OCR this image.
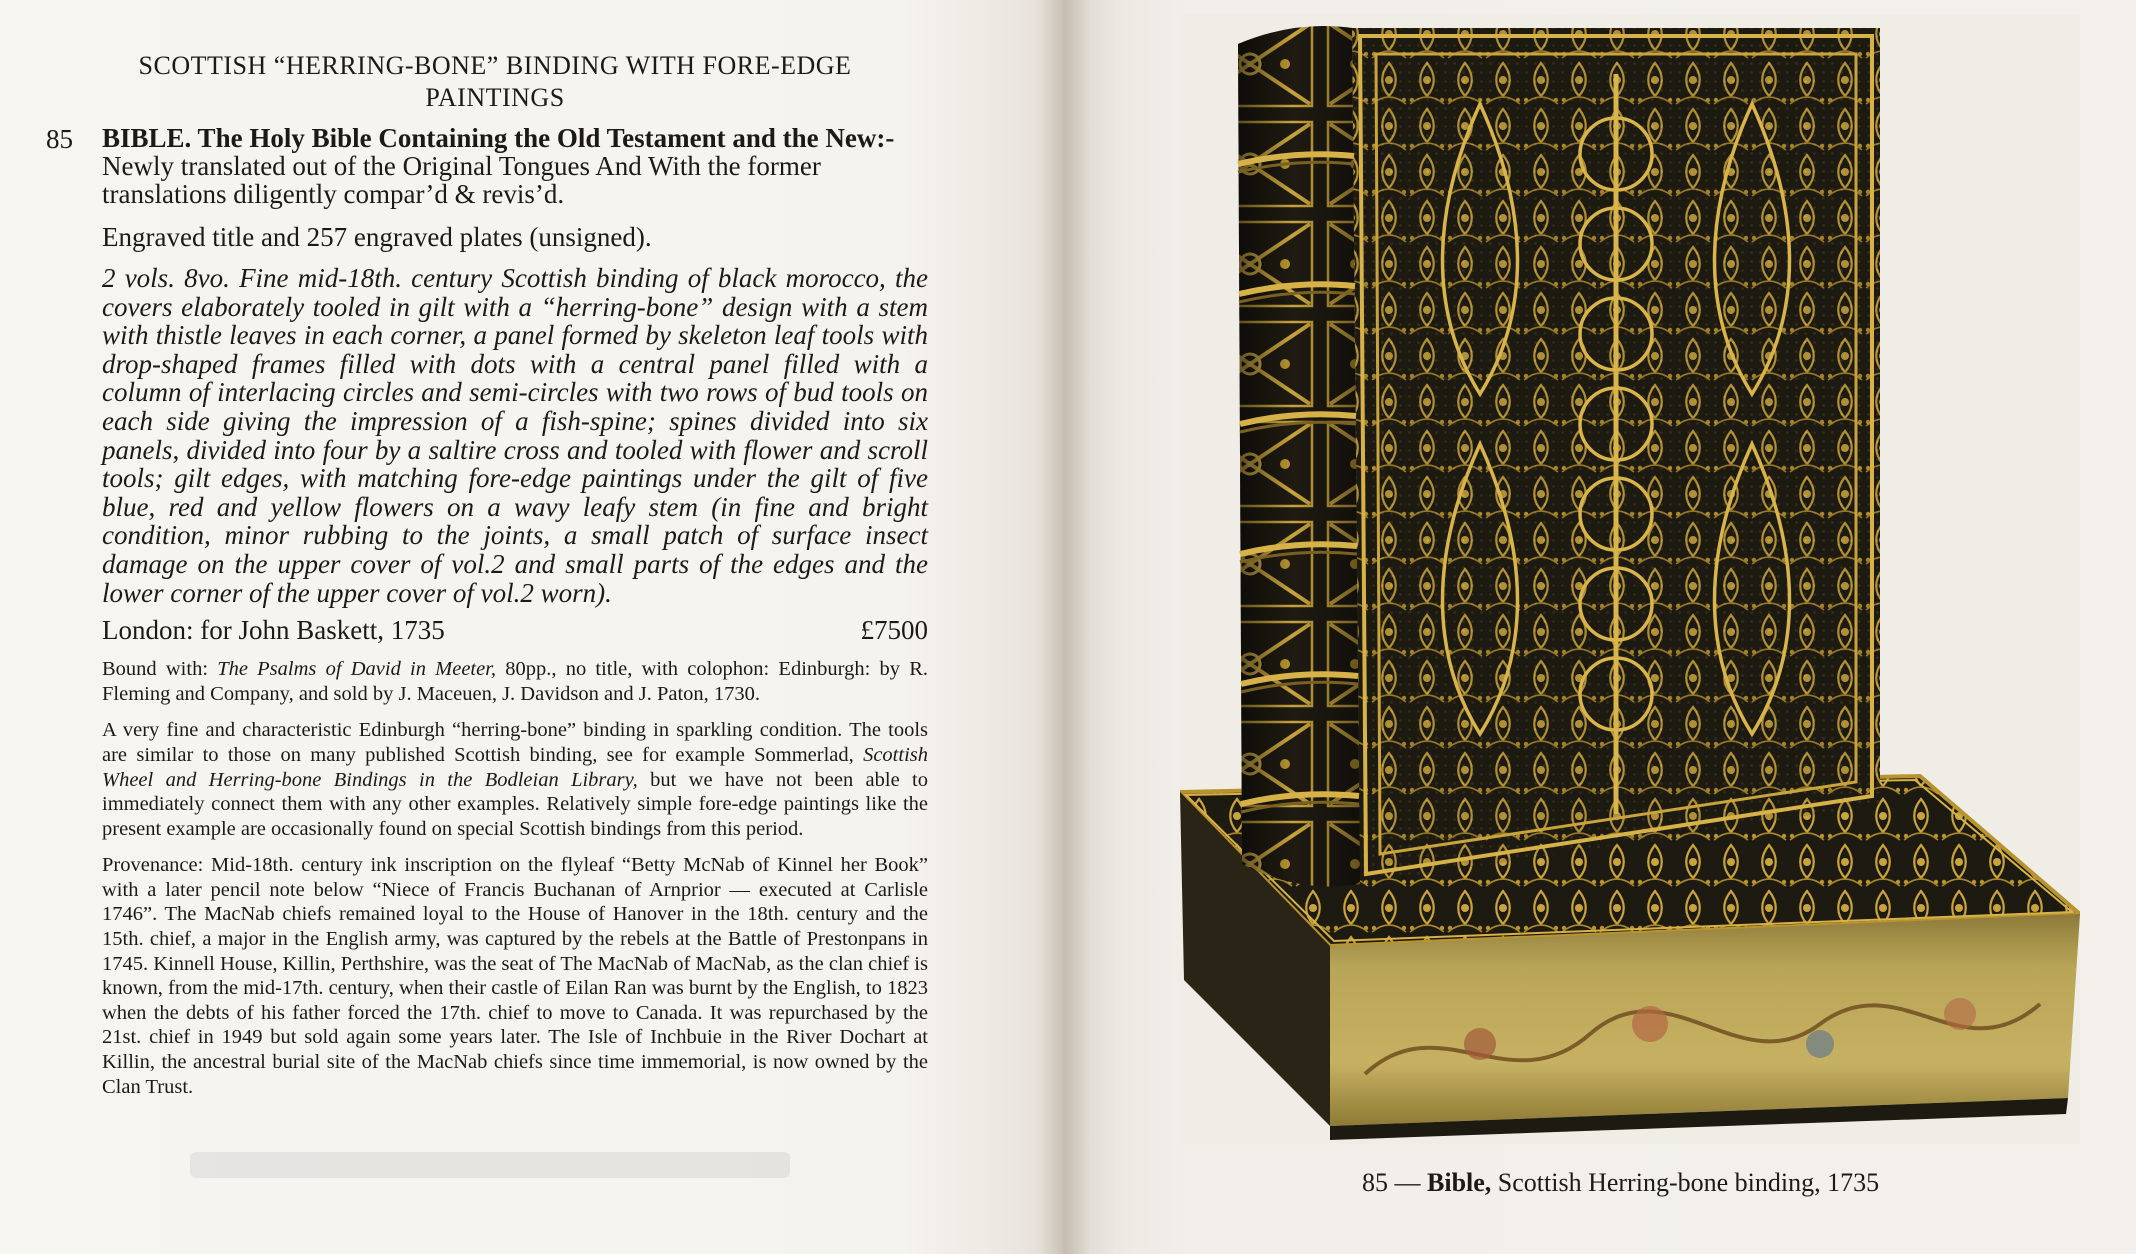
SCOTTISH “HERRING-BONE” BINDING WITH FORE-EDGE PAINTINGS
85 BIBLE. The Holy Bible Containing the Old Testament and the New:- Newly translated out of the Original Tongues And With the former translations diligently compar’d & revis’d.

Engraved title and 257 engraved plates (unsigned).

2 vols. 8vo. Fine mid-18th. century Scottish binding of black morocco, the covers elaborately tooled in gilt with a “herring-bone” design with a stem with thistle leaves in each corner, a panel formed by skeleton leaf tools with drop-shaped frames filled with dots with a central panel filled with a column of interlacing circles and semi-circles with two rows of bud tools on each side giving the impression of a fish-spine; spines divided into six panels, divided into four by a saltire cross and tooled with flower and scroll tools; gilt edges, with matching fore-edge paintings under the gilt of five blue, red and yellow flowers on a wavy leafy stem (in fine and bright condition, minor rubbing to the joints, a small patch of surface insect damage on the upper cover of vol.2 and small parts of the edges and the lower corner of the upper cover of vol.2 worn).

London: for John Baskett, 1735	£7500

Bound with: The Psalms of David in Meeter, 80pp., no title, with colophon: Edinburgh: by R. Fleming and Company, and sold by J. Maceuen, J. Davidson and J. Paton, 1730.

A very fine and characteristic Edinburgh “herring-bone” binding in sparkling condition. The tools are similar to those on many published Scottish binding, see for example Sommerlad, Scottish Wheel and Herring-bone Bindings in the Bodleian Library, but we have not been able to immediately connect them with any other examples. Relatively simple fore-edge paintings like the present example are occasionally found on special Scottish bindings from this period.

Provenance: Mid-18th. century ink inscription on the flyleaf “Betty McNab of Kinnel her Book” with a later pencil note below “Niece of Francis Buchanan of Arnprior — executed at Carlisle 1746”. The MacNab chiefs remained loyal to the House of Hanover in the 18th. century and the 15th. chief, a major in the English army, was captured by the rebels at the Battle of Prestonpans in 1745. Kinnell House, Killin, Perthshire, was the seat of The MacNab of MacNab, as the clan chief is known, from the mid-17th. century, when their castle of Eilan Ran was burnt by the English, to 1823 when the debts of his father forced the 17th. chief to move to Canada. It was repurchased by the 21st. chief in 1949 but sold again some years later. The Isle of Inchbuie in the River Dochart at Killin, the ancestral burial site of the MacNab chiefs since time immemorial, is now owned by the Clan Trust.

85 — Bible, Scottish Herring-bone binding, 1735
